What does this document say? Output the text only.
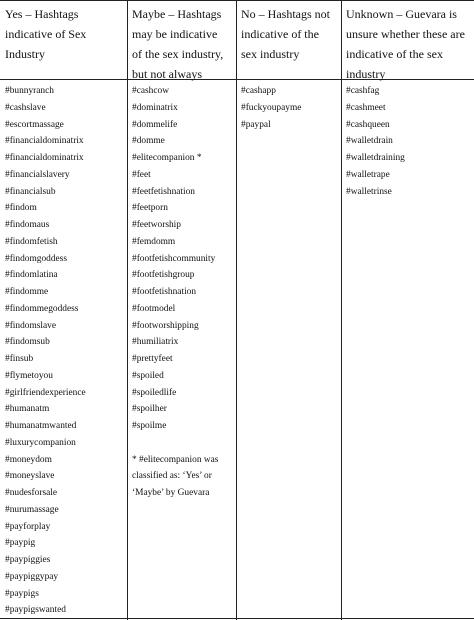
Yes – Hashtags
indicative of Sex
Industry
Maybe – Hashtags
may be indicative
of the sex industry,
but not always
No – Hashtags not
indicative of the
sex industry
Unknown – Guevara is
unsure whether these are
indicative of the sex
industry
#bunnyranch
#cashslave
#escortmassage
#financialdominatrix
#financialdominatrix
#financialslavery
#financialsub
#findom
#findomaus
#findomfetish
#findomgoddess
#findomlatina
#findomme
#findommegoddess
#findomslave
#findomsub
#finsub
#flymetoyou
#girlfriendexperience
#humanatm
#humanatmwanted
#luxurycompanion
#moneydom
#moneyslave
#nudesforsale
#nurumassage
#payforplay
#paypig
#paypiggies
#paypiggypay
#paypigs
#paypigswanted
#cashcow
#dominatrix
#dommelife
#domme
#elitecompanion *
#feet
#feetfetishnation
#feetporn
#feetworship
#femdomm
#footfetishcommunity
#footfetishgroup
#footfetishnation
#footmodel
#footworshipping
#humiliatrix
#prettyfeet
#spoiled
#spoiledlife
#spoilher
#spoilme
* #elitecompanion was
classified as: ‘Yes’ or
‘Maybe’ by Guevara
#cashapp
#fuckyoupayme
#paypal
#cashfag
#cashmeet
#cashqueen
#walletdrain
#walletdraining
#walletrape
#walletrinse
